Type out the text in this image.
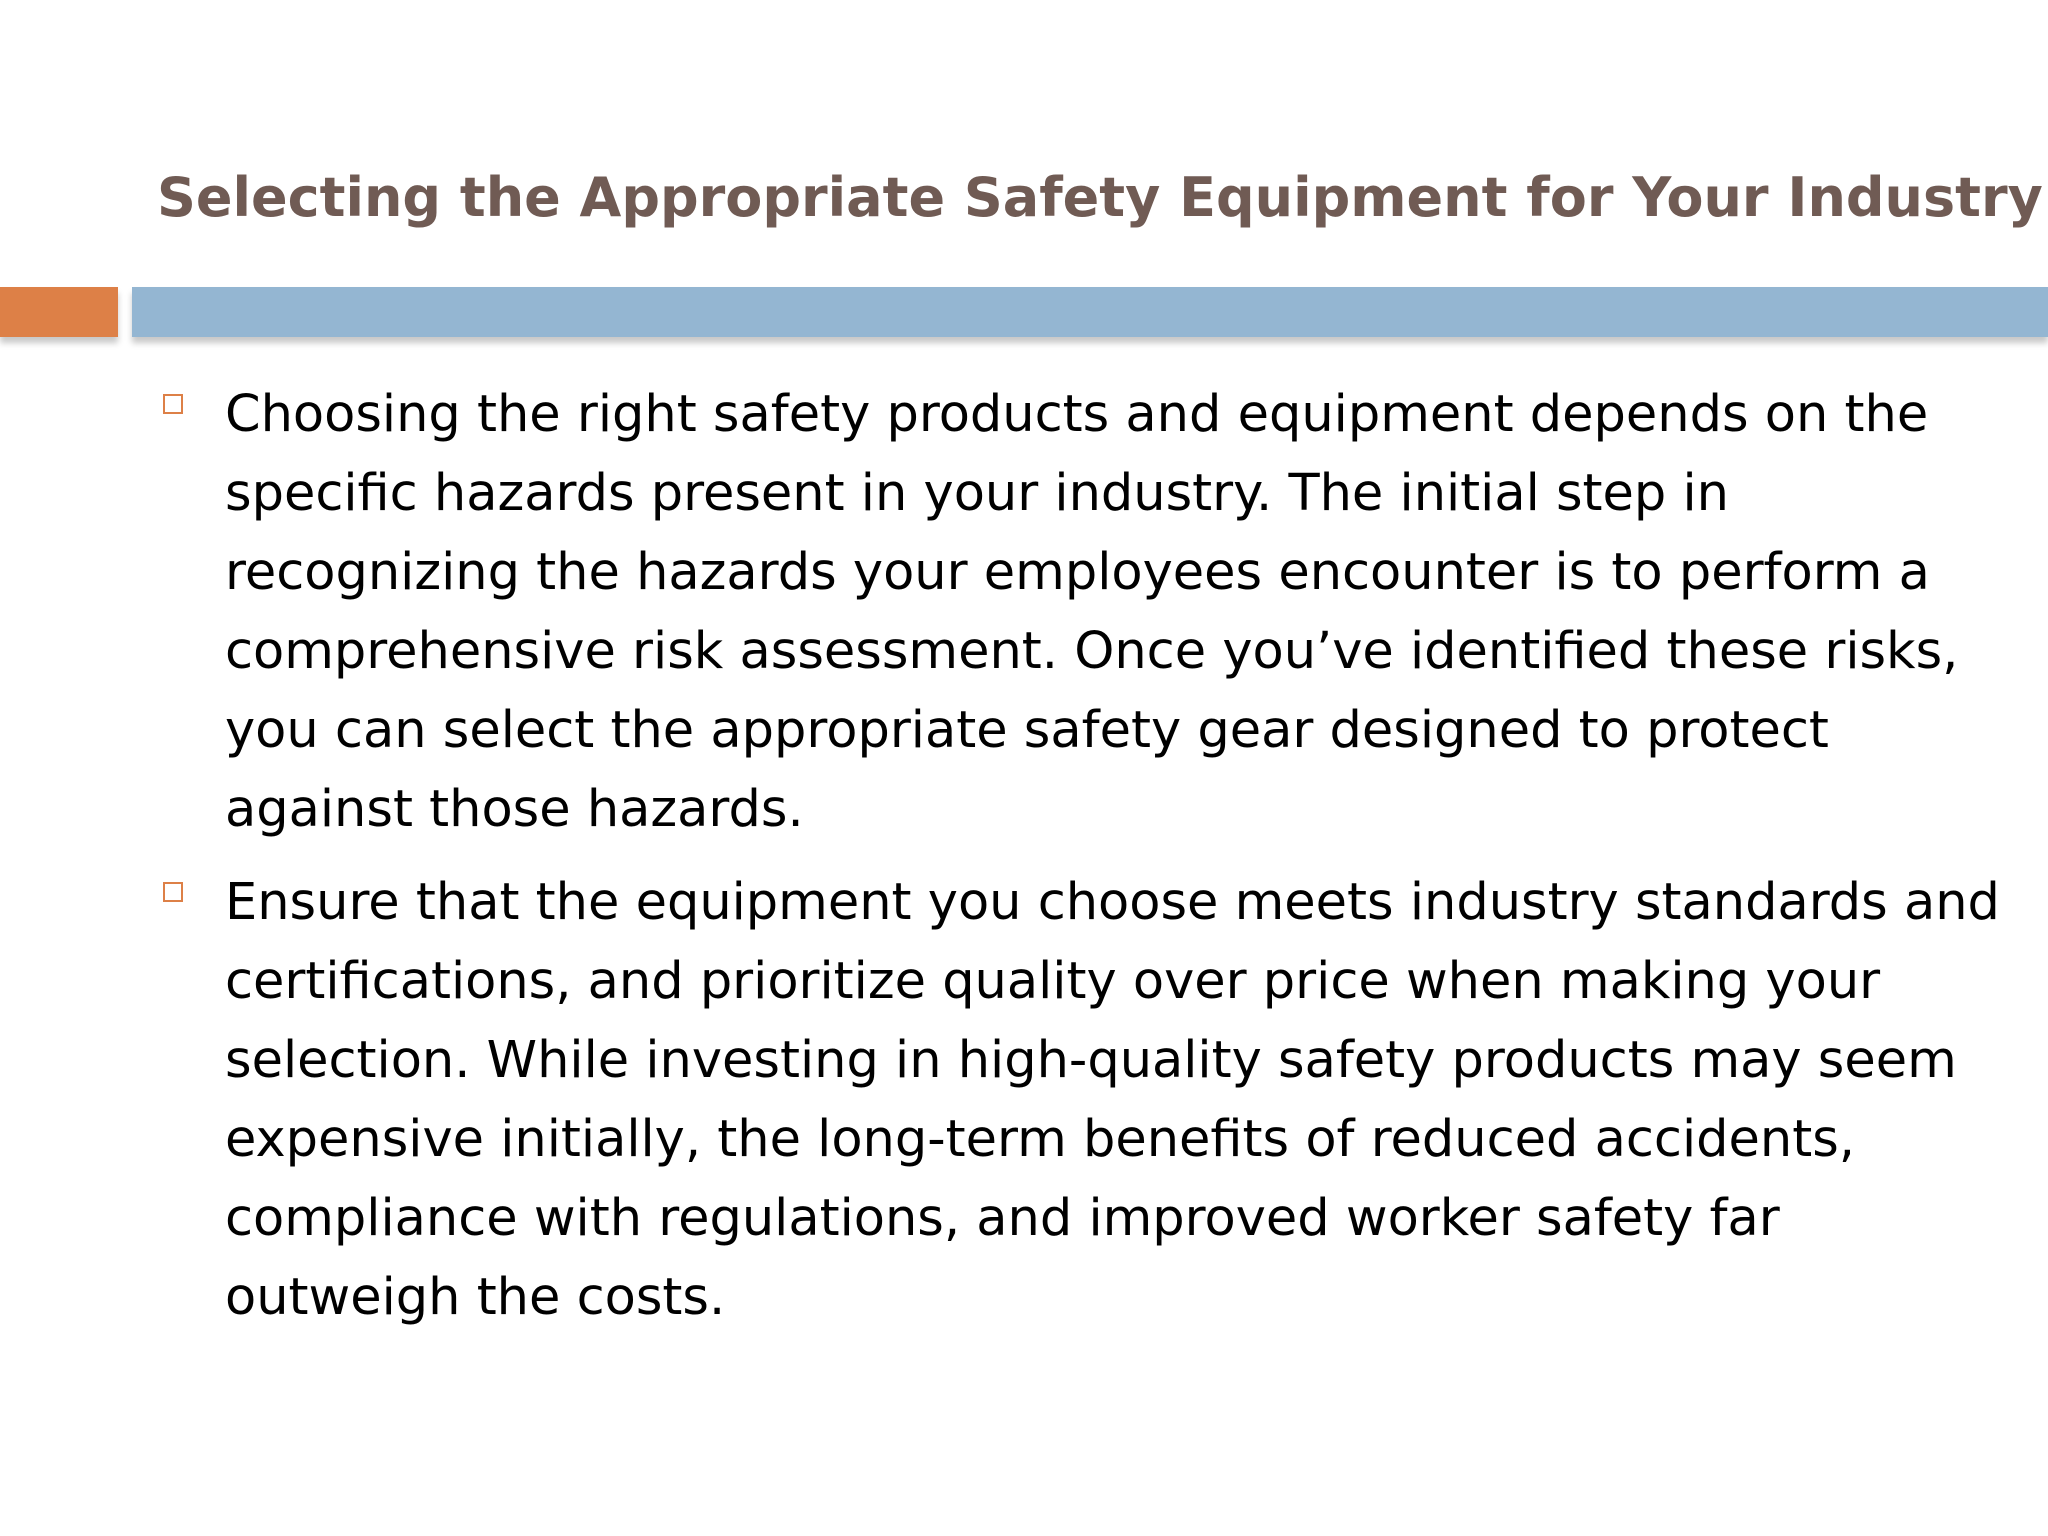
Selecting the Appropriate Safety Equipment for Your Industry
Choosing the right safety products and equipment depends on the specific hazards present in your industry. The initial step in recognizing the hazards your employees encounter is to perform a comprehensive risk assessment. Once you’ve identified these risks, you can select the appropriate safety gear designed to protect against those hazards.
Ensure that the equipment you choose meets industry standards and certifications, and prioritize quality over price when making your selection. While investing in high-quality safety products may seem expensive initially, the long-term benefits of reduced accidents, compliance with regulations, and improved worker safety far outweigh the costs.
